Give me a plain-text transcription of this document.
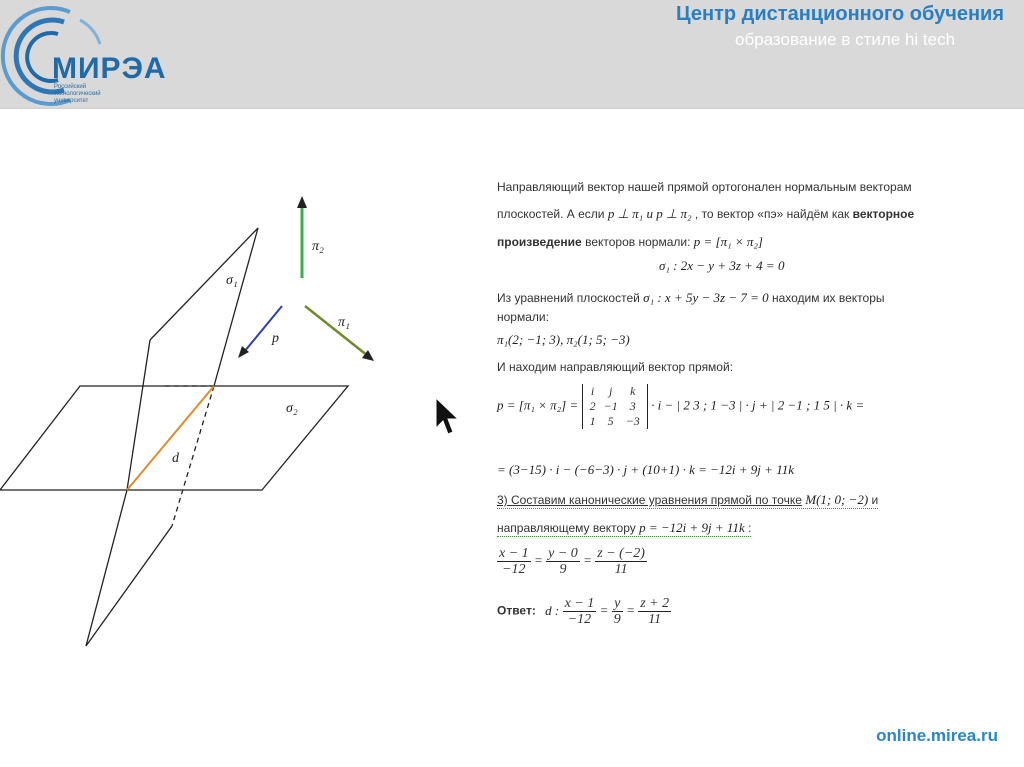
МИРЭА
Российский
технологический
университет
Центр дистанционного обучения
образование в стиле hi tech
π₂
π₁
p
σ₁
σ₂
d
Направляющий вектор нашей прямой ортогонален нормальным векторам
плоскостей. А если p ⊥ π₁ и p ⊥ π₂ , то вектор «пэ» найдём как векторное
произведение векторов нормали: p = [π₁ × π₂]
σ₁ : 2x − y + 3z + 4 = 0
Из уравнений плоскостей σ₁ : x + 5y − 3z − 7 = 0 находим их векторы
нормали:
π₁(2; −1; 3), π₂(1; 5; −3)
И находим направляющий вектор прямой:
p = [π₁ × π₂] = i	j	k
2	−1	3
1	5	−3 · i − | 2 3 ; 1 −3 | · j + | 2 −1 ; 1 5 | · k =
= (3−15) · i − (−6−3) · j + (10+1) · k = −12i + 9j + 11k
3) Составим канонические уравнения прямой по точке M(1; 0; −2) и
направляющему вектору p = −12i + 9j + 11k :
$\frac{x - 1}{-12} = \frac{y - 0}{9} = \frac{z - (-2)}{11}$
Ответ: d : $\frac{x - 1}{-12} = \frac{y}{9} = \frac{z + 2}{11}$
online.mirea.ru
